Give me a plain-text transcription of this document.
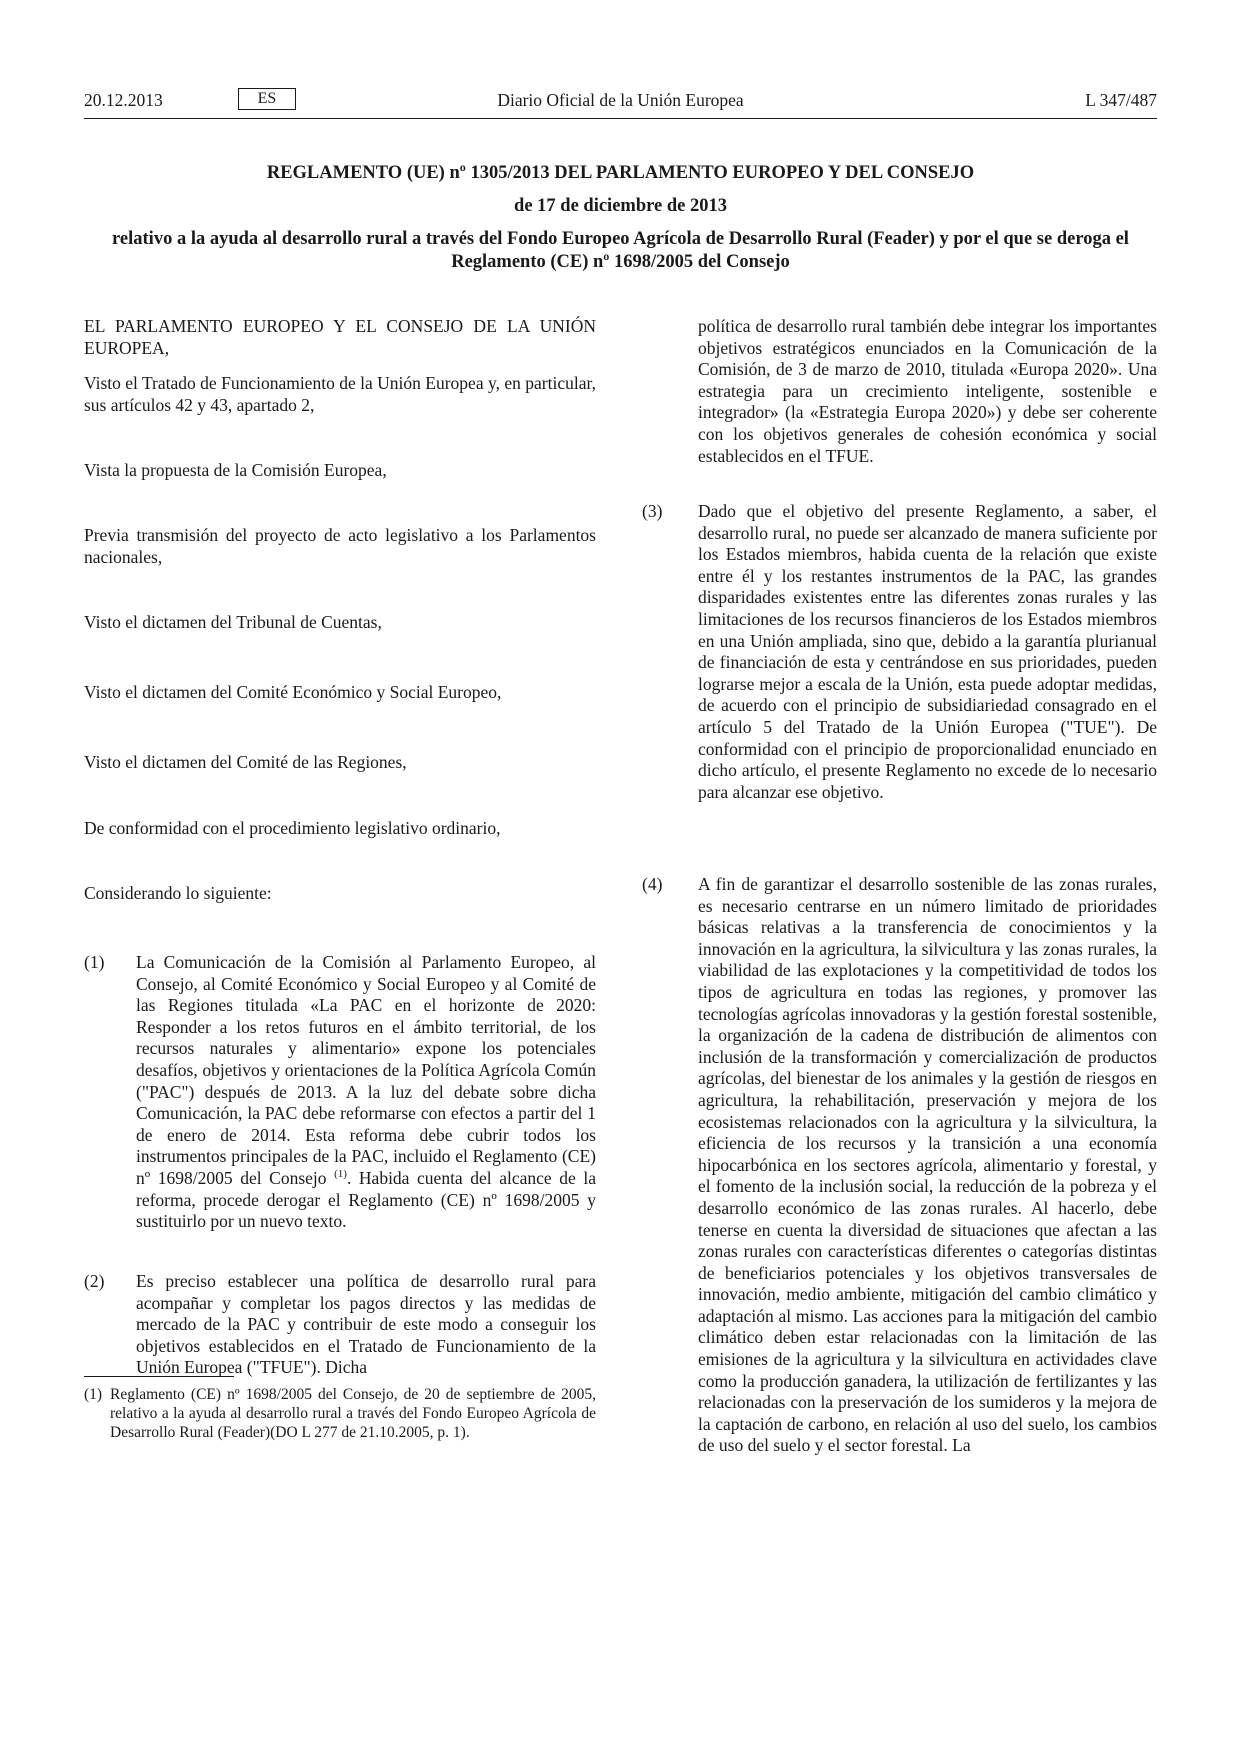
20.12.2013	ES	Diario Oficial de la Unión Europea	L 347/487
REGLAMENTO (UE) nº 1305/2013 DEL PARLAMENTO EUROPEO Y DEL CONSEJO
de 17 de diciembre de 2013
relativo a la ayuda al desarrollo rural a través del Fondo Europeo Agrícola de Desarrollo Rural (Feader) y por el que se deroga el Reglamento (CE) nº 1698/2005 del Consejo

EL PARLAMENTO EUROPEO Y EL CONSEJO DE LA UNIÓN EUROPEA,

Visto el Tratado de Funcionamiento de la Unión Europea y, en particular, sus artículos 42 y 43, apartado 2,

Vista la propuesta de la Comisión Europea,

Previa transmisión del proyecto de acto legislativo a los Parlamentos nacionales,

Visto el dictamen del Tribunal de Cuentas,

Visto el dictamen del Comité Económico y Social Europeo,

Visto el dictamen del Comité de las Regiones,

De conformidad con el procedimiento legislativo ordinario,

Considerando lo siguiente:

(1) La Comunicación de la Comisión al Parlamento Europeo, al Consejo, al Comité Económico y Social Europeo y al Comité de las Regiones titulada «La PAC en el horizonte de 2020: Responder a los retos futuros en el ámbito territorial, de los recursos naturales y alimentario» expone los potenciales desafíos, objetivos y orientaciones de la Política Agrícola Común ("PAC") después de 2013. A la luz del debate sobre dicha Comunicación, la PAC debe reformarse con efectos a partir del 1 de enero de 2014. Esta reforma debe cubrir todos los instrumentos principales de la PAC, incluido el Reglamento (CE) nº 1698/2005 del Consejo $^{(1)}$. Habida cuenta del alcance de la reforma, procede derogar el Reglamento (CE) nº 1698/2005 y sustituirlo por un nuevo texto.

(2) Es preciso establecer una política de desarrollo rural para acompañar y completar los pagos directos y las medidas de mercado de la PAC y contribuir de este modo a conseguir los objetivos establecidos en el Tratado de Funcionamiento de la Unión Europea ("TFUE"). Dicha

(1) Reglamento (CE) nº 1698/2005 del Consejo, de 20 de septiembre de 2005, relativo a la ayuda al desarrollo rural a través del Fondo Europeo Agrícola de Desarrollo Rural (Feader)(DO L 277 de 21.10.2005, p. 1).

política de desarrollo rural también debe integrar los importantes objetivos estratégicos enunciados en la Comunicación de la Comisión, de 3 de marzo de 2010, titulada «Europa 2020». Una estrategia para un crecimiento inteligente, sostenible e integrador» (la «Estrategia Europa 2020») y debe ser coherente con los objetivos generales de cohesión económica y social establecidos en el TFUE.

(3) Dado que el objetivo del presente Reglamento, a saber, el desarrollo rural, no puede ser alcanzado de manera suficiente por los Estados miembros, habida cuenta de la relación que existe entre él y los restantes instrumentos de la PAC, las grandes disparidades existentes entre las diferentes zonas rurales y las limitaciones de los recursos financieros de los Estados miembros en una Unión ampliada, sino que, debido a la garantía plurianual de financiación de esta y centrándose en sus prioridades, pueden lograrse mejor a escala de la Unión, esta puede adoptar medidas, de acuerdo con el principio de subsidiariedad consagrado en el artículo 5 del Tratado de la Unión Europea ("TUE"). De conformidad con el principio de proporcionalidad enunciado en dicho artículo, el presente Reglamento no excede de lo necesario para alcanzar ese objetivo.

(4) A fin de garantizar el desarrollo sostenible de las zonas rurales, es necesario centrarse en un número limitado de prioridades básicas relativas a la transferencia de conocimientos y la innovación en la agricultura, la silvicultura y las zonas rurales, la viabilidad de las explotaciones y la competitividad de todos los tipos de agricultura en todas las regiones, y promover las tecnologías agrícolas innovadoras y la gestión forestal sostenible, la organización de la cadena de distribución de alimentos con inclusión de la transformación y comercialización de productos agrícolas, del bienestar de los animales y la gestión de riesgos en agricultura, la rehabilitación, preservación y mejora de los ecosistemas relacionados con la agricultura y la silvicultura, la eficiencia de los recursos y la transición a una economía hipocarbónica en los sectores agrícola, alimentario y forestal, y el fomento de la inclusión social, la reducción de la pobreza y el desarrollo económico de las zonas rurales. Al hacerlo, debe tenerse en cuenta la diversidad de situaciones que afectan a las zonas rurales con características diferentes o categorías distintas de beneficiarios potenciales y los objetivos transversales de innovación, medio ambiente, mitigación del cambio climático y adaptación al mismo. Las acciones para la mitigación del cambio climático deben estar relacionadas con la limitación de las emisiones de la agricultura y la silvicultura en actividades clave como la producción ganadera, la utilización de fertilizantes y las relacionadas con la preservación de los sumideros y la mejora de la captación de carbono, en relación al uso del suelo, los cambios de uso del suelo y el sector forestal. La
